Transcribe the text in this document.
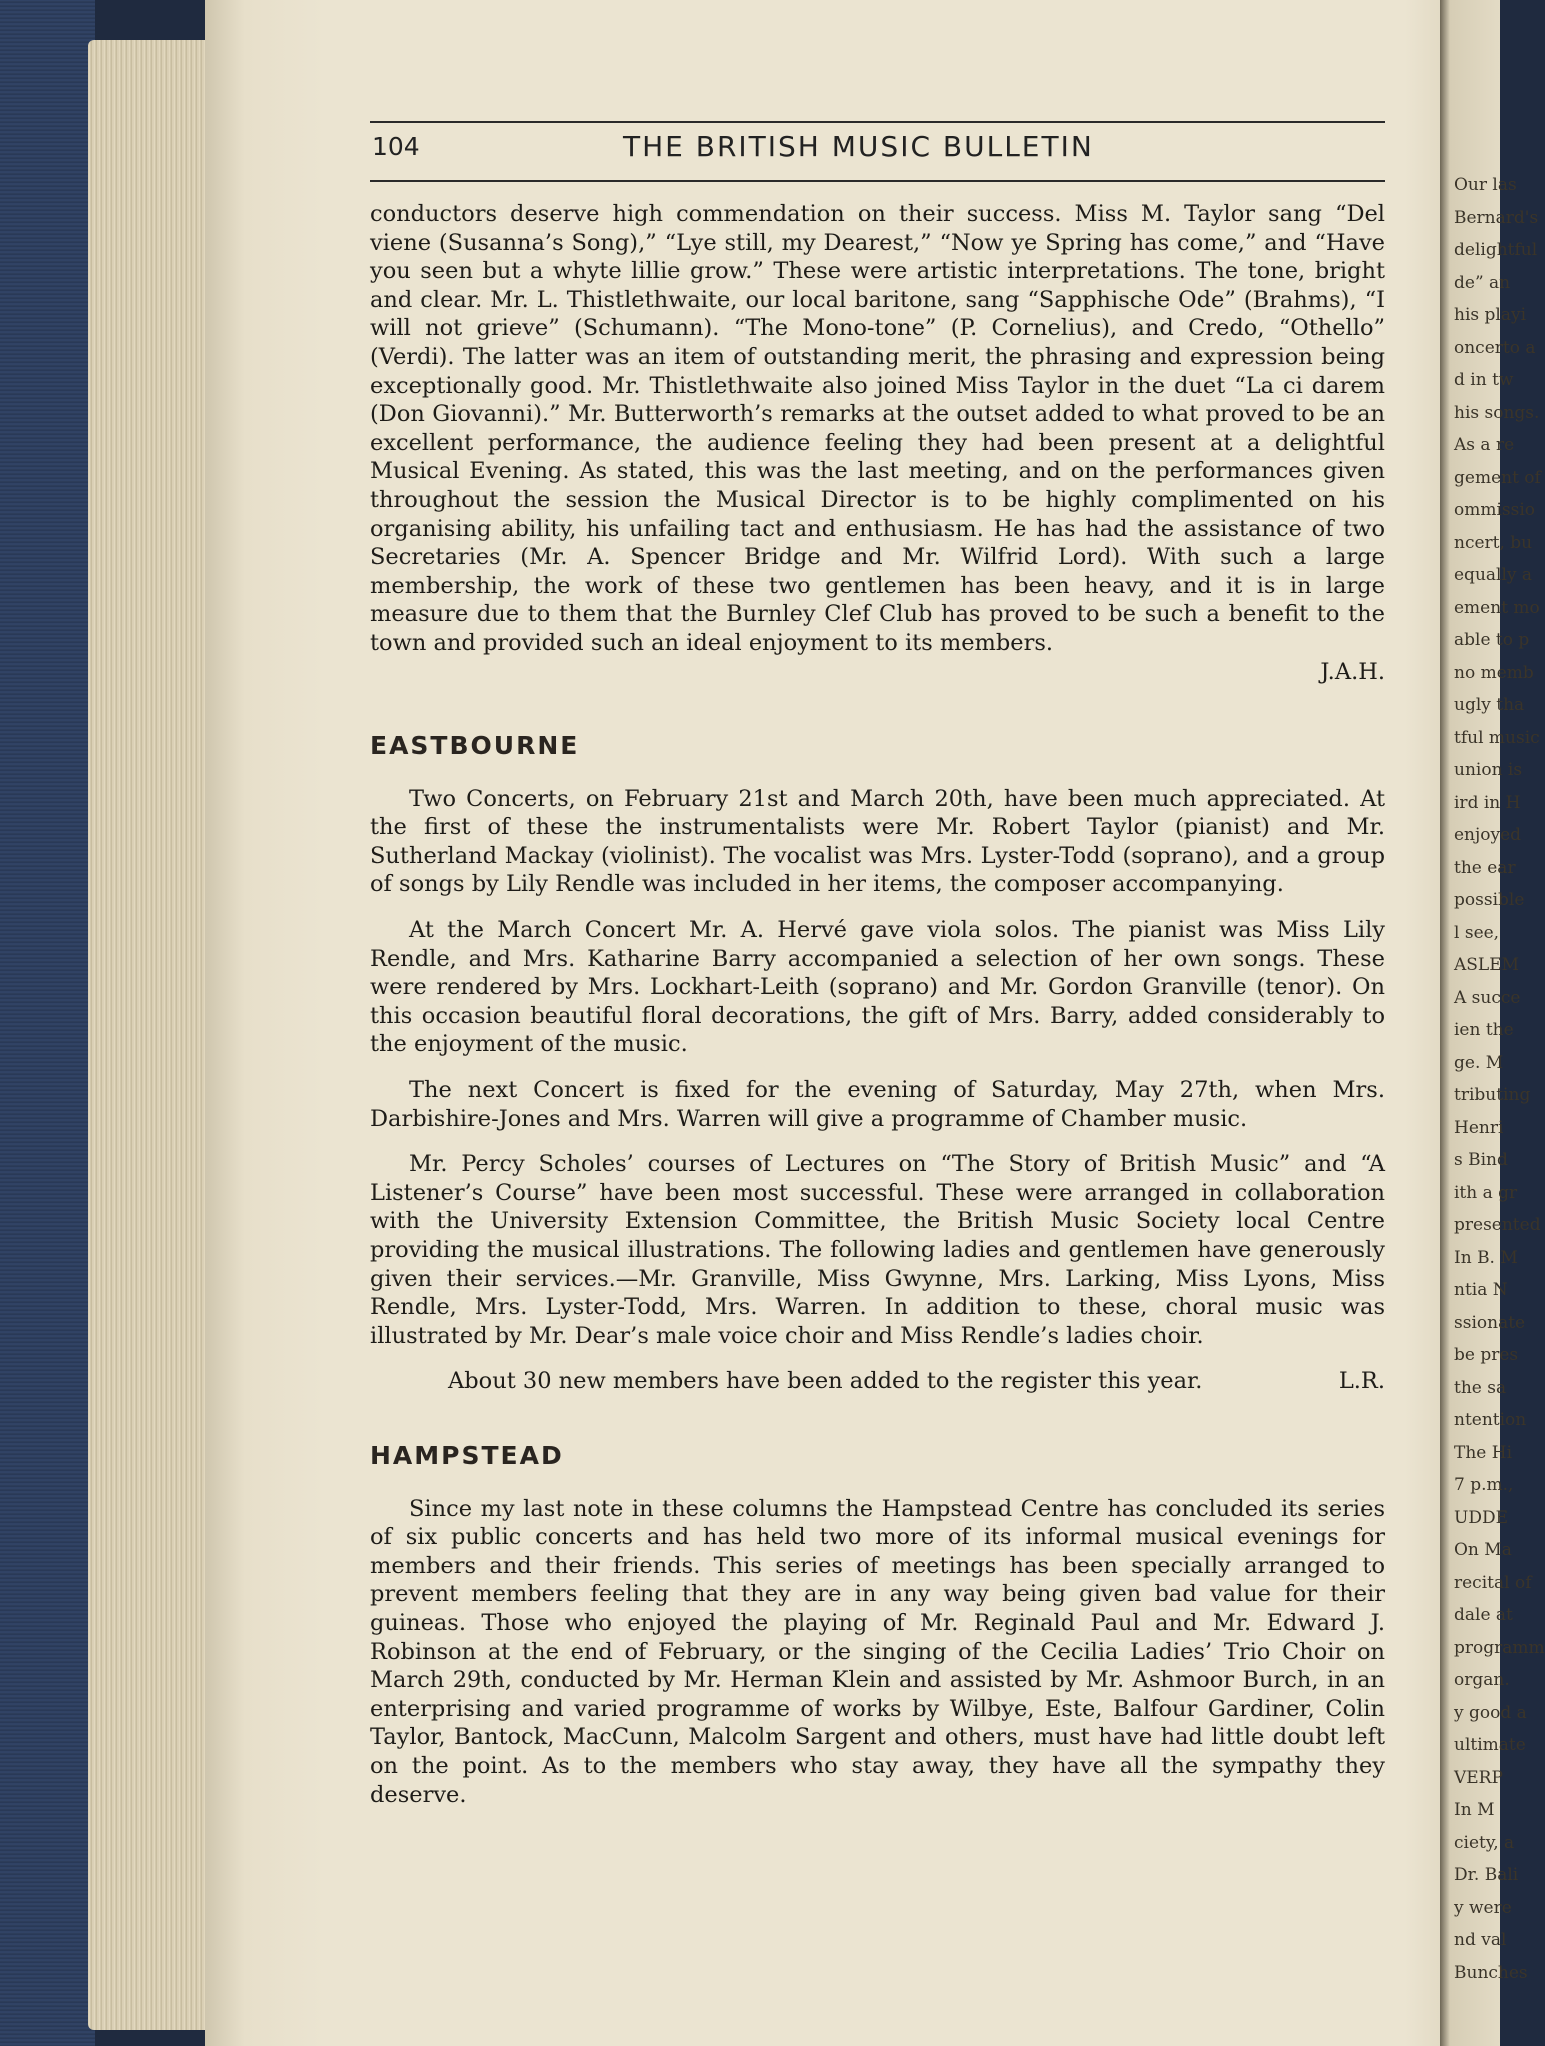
Our las
Bernard's
delightful
de” an
his playi
oncerto a
d in tw
his songs.
As a re
gement of
ommissio
ncert, bu
equally a
ement mo
able to p
no memb
ugly tha
tful music
union is
ird in H
enjoyed
the ear
possible
l see,
ASLEM
A succe
ien the
ge. M
tributing
Henri
s Bind
ith a gr
presented
In B. M
ntia N
ssionate
be pres
the sa
ntention
The Hi
7 p.m.,
UDDE
On Ma
recital of
dale at
programm
organ.
y good a
ultimate
VERP
In M
ciety, a
Dr. Bali
y were
nd val
Bunches
104	THE BRITISH MUSIC BULLETIN

conductors deserve high commendation on their success. Miss M. Taylor sang “Del viene (Susanna’s Song),” “Lye still, my Dearest,” “Now ye Spring has come,” and “Have you seen but a whyte lillie grow.” These were artistic interpretations. The tone, bright and clear. Mr. L. Thistlethwaite, our local baritone, sang “Sapphische Ode” (Brahms), “I will not grieve” (Schumann). “The Mono-tone” (P. Cornelius), and Credo, “Othello” (Verdi). The latter was an item of outstanding merit, the phrasing and expression being exceptionally good. Mr. Thistlethwaite also joined Miss Taylor in the duet “La ci darem (Don Giovanni).” Mr. Butterworth’s remarks at the outset added to what proved to be an excellent performance, the audience feeling they had been present at a delightful Musical Evening. As stated, this was the last meeting, and on the performances given throughout the session the Musical Director is to be highly complimented on his organising ability, his unfailing tact and enthusiasm. He has had the assistance of two Secretaries (Mr. A. Spencer Bridge and Mr. Wilfrid Lord). With such a large membership, the work of these two gentlemen has been heavy, and it is in large measure due to them that the Burnley Clef Club has proved to be such a benefit to the town and provided such an ideal enjoyment to its members.

J.A.H.
EASTBOURNE

Two Concerts, on February 21st and March 20th, have been much appreciated. At the first of these the instrumentalists were Mr. Robert Taylor (pianist) and Mr. Sutherland Mackay (violinist). The vocalist was Mrs. Lyster-Todd (soprano), and a group of songs by Lily Rendle was included in her items, the composer accompanying.

At the March Concert Mr. A. Hervé gave viola solos. The pianist was Miss Lily Rendle, and Mrs. Katharine Barry accompanied a selection of her own songs. These were rendered by Mrs. Lockhart-Leith (soprano) and Mr. Gordon Granville (tenor). On this occasion beautiful floral decorations, the gift of Mrs. Barry, added considerably to the enjoyment of the music.

The next Concert is fixed for the evening of Saturday, May 27th, when Mrs. Darbishire-Jones and Mrs. Warren will give a programme of Chamber music.

Mr. Percy Scholes’ courses of Lectures on “The Story of British Music” and “A Listener’s Course” have been most successful. These were arranged in collaboration with the University Extension Committee, the British Music Society local Centre providing the musical illustrations. The following ladies and gentlemen have generously given their services.—Mr. Granville, Miss Gwynne, Mrs. Larking, Miss Lyons, Miss Rendle, Mrs. Lyster-Todd, Mrs. Warren. In addition to these, choral music was illustrated by Mr. Dear’s male voice choir and Miss Rendle’s ladies choir.

About 30 new members have been added to the register this year.	L.R.
HAMPSTEAD

Since my last note in these columns the Hampstead Centre has concluded its series of six public concerts and has held two more of its informal musical evenings for members and their friends. This series of meetings has been specially arranged to prevent members feeling that they are in any way being given bad value for their guineas. Those who enjoyed the playing of Mr. Reginald Paul and Mr. Edward J. Robinson at the end of February, or the singing of the Cecilia Ladies’ Trio Choir on March 29th, conducted by Mr. Herman Klein and assisted by Mr. Ashmoor Burch, in an enterprising and varied programme of works by Wilbye, Este, Balfour Gardiner, Colin Taylor, Bantock, MacCunn, Malcolm Sargent and others, must have had little doubt left on the point. As to the members who stay away, they have all the sympathy they deserve.
